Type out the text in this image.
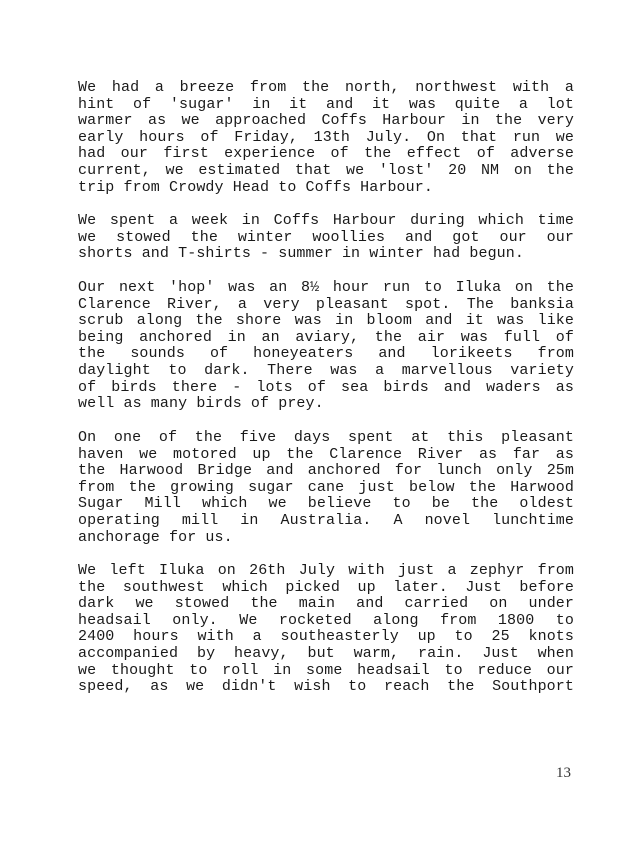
We had a breeze from the north, northwest with a
hint of 'sugar' in it and it was quite a lot
warmer as we approached Coffs Harbour in the very
early hours of Friday, 13th July. On that run we
had our first experience of the effect of adverse
current, we estimated that we 'lost' 20 NM on the
trip from Crowdy Head to Coffs Harbour.
We spent a week in Coffs Harbour during which time
we stowed the winter woollies and got our our
shorts and T-shirts - summer in winter had begun.
Our next 'hop' was an 8½ hour run to Iluka on the
Clarence River, a very pleasant spot. The banksia
scrub along the shore was in bloom and it was like
being anchored in an aviary, the air was full of
the sounds of honeyeaters and lorikeets from
daylight to dark. There was a marvellous variety
of birds there - lots of sea birds and waders as
well as many birds of prey.
On one of the five days spent at this pleasant
haven we motored up the Clarence River as far as
the Harwood Bridge and anchored for lunch only 25m
from the growing sugar cane just below the Harwood
Sugar Mill which we believe to be the oldest
operating mill in Australia. A novel lunchtime
anchorage for us.
We left Iluka on 26th July with just a zephyr from
the southwest which picked up later. Just before
dark we stowed the main and carried on under
headsail only. We rocketed along from 1800 to
2400 hours with a southeasterly up to 25 knots
accompanied by heavy, but warm, rain. Just when
we thought to roll in some headsail to reduce our
speed, as we didn't wish to reach the Southport
13
